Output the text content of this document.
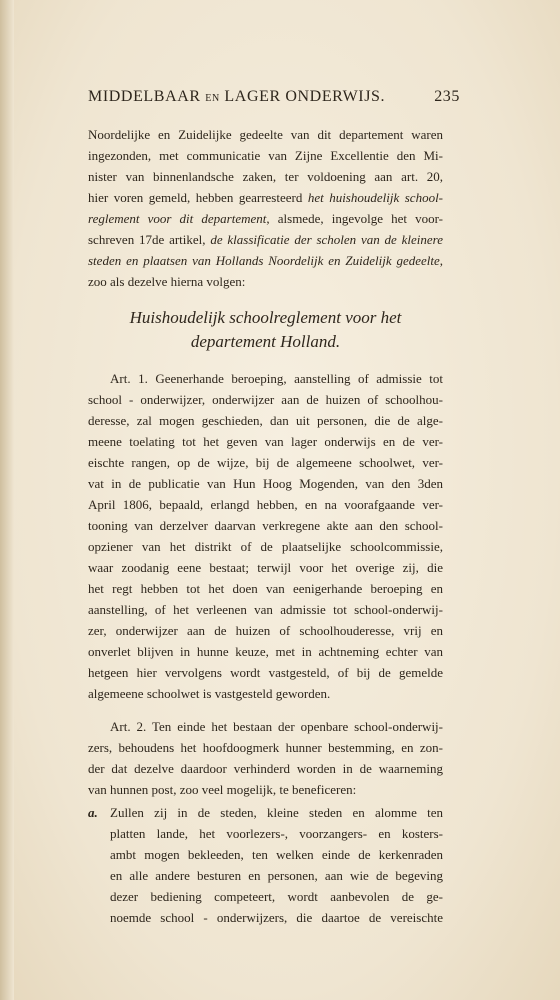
MIDDELBAAR EN LAGER ONDERWIJS.	235
Noordelijke en Zuidelijke gedeelte van dit departement waren
ingezonden, met communicatie van Zijne Excellentie den Mi-
nister van binnenlandsche zaken, ter voldoening aan art. 20,
hier voren gemeld, hebben gearresteerd het huishoudelijk school-
reglement voor dit departement, alsmede, ingevolge het voor-
schreven 17de artikel, de klassificatie der scholen van de kleinere
steden en plaatsen van Hollands Noordelijk en Zuidelijk gedeelte,
zoo als dezelve hierna volgen:
Huishoudelijk schoolreglement voor het
departement Holland.
Art. 1. Geenerhande beroeping, aanstelling of admissie tot
school - onderwijzer, onderwijzer aan de huizen of schoolhou-
deresse, zal mogen geschieden, dan uit personen, die de alge-
meene toelating tot het geven van lager onderwijs en de ver-
eischte rangen, op de wijze, bij de algemeene schoolwet, ver-
vat in de publicatie van Hun Hoog Mogenden, van den 3den
April 1806, bepaald, erlangd hebben, en na voorafgaande ver-
tooning van derzelver daarvan verkregene akte aan den school-
opziener van het distrikt of de plaatselijke schoolcommissie,
waar zoodanig eene bestaat; terwijl voor het overige zij, die
het regt hebben tot het doen van eenigerhande beroeping en
aanstelling, of het verleenen van admissie tot school-onderwij-
zer, onderwijzer aan de huizen of schoolhouderesse, vrij en
onverlet blijven in hunne keuze, met in achtneming echter van
hetgeen hier vervolgens wordt vastgesteld, of bij de gemelde
algemeene schoolwet is vastgesteld geworden.
Art. 2. Ten einde het bestaan der openbare school-onderwij-
zers, behoudens het hoofdoogmerk hunner bestemming, en zon-
der dat dezelve daardoor verhinderd worden in de waarneming
van hunnen post, zoo veel mogelijk, te beneficeren:
a. Zullen zij in de steden, kleine steden en alomme ten
platten lande, het voorlezers-, voorzangers- en kosters-
ambt mogen bekleeden, ten welken einde de kerkenraden
en alle andere besturen en personen, aan wie de begeving
dezer bediening competeert, wordt aanbevolen de ge-
noemde school - onderwijzers, die daartoe de vereischte
